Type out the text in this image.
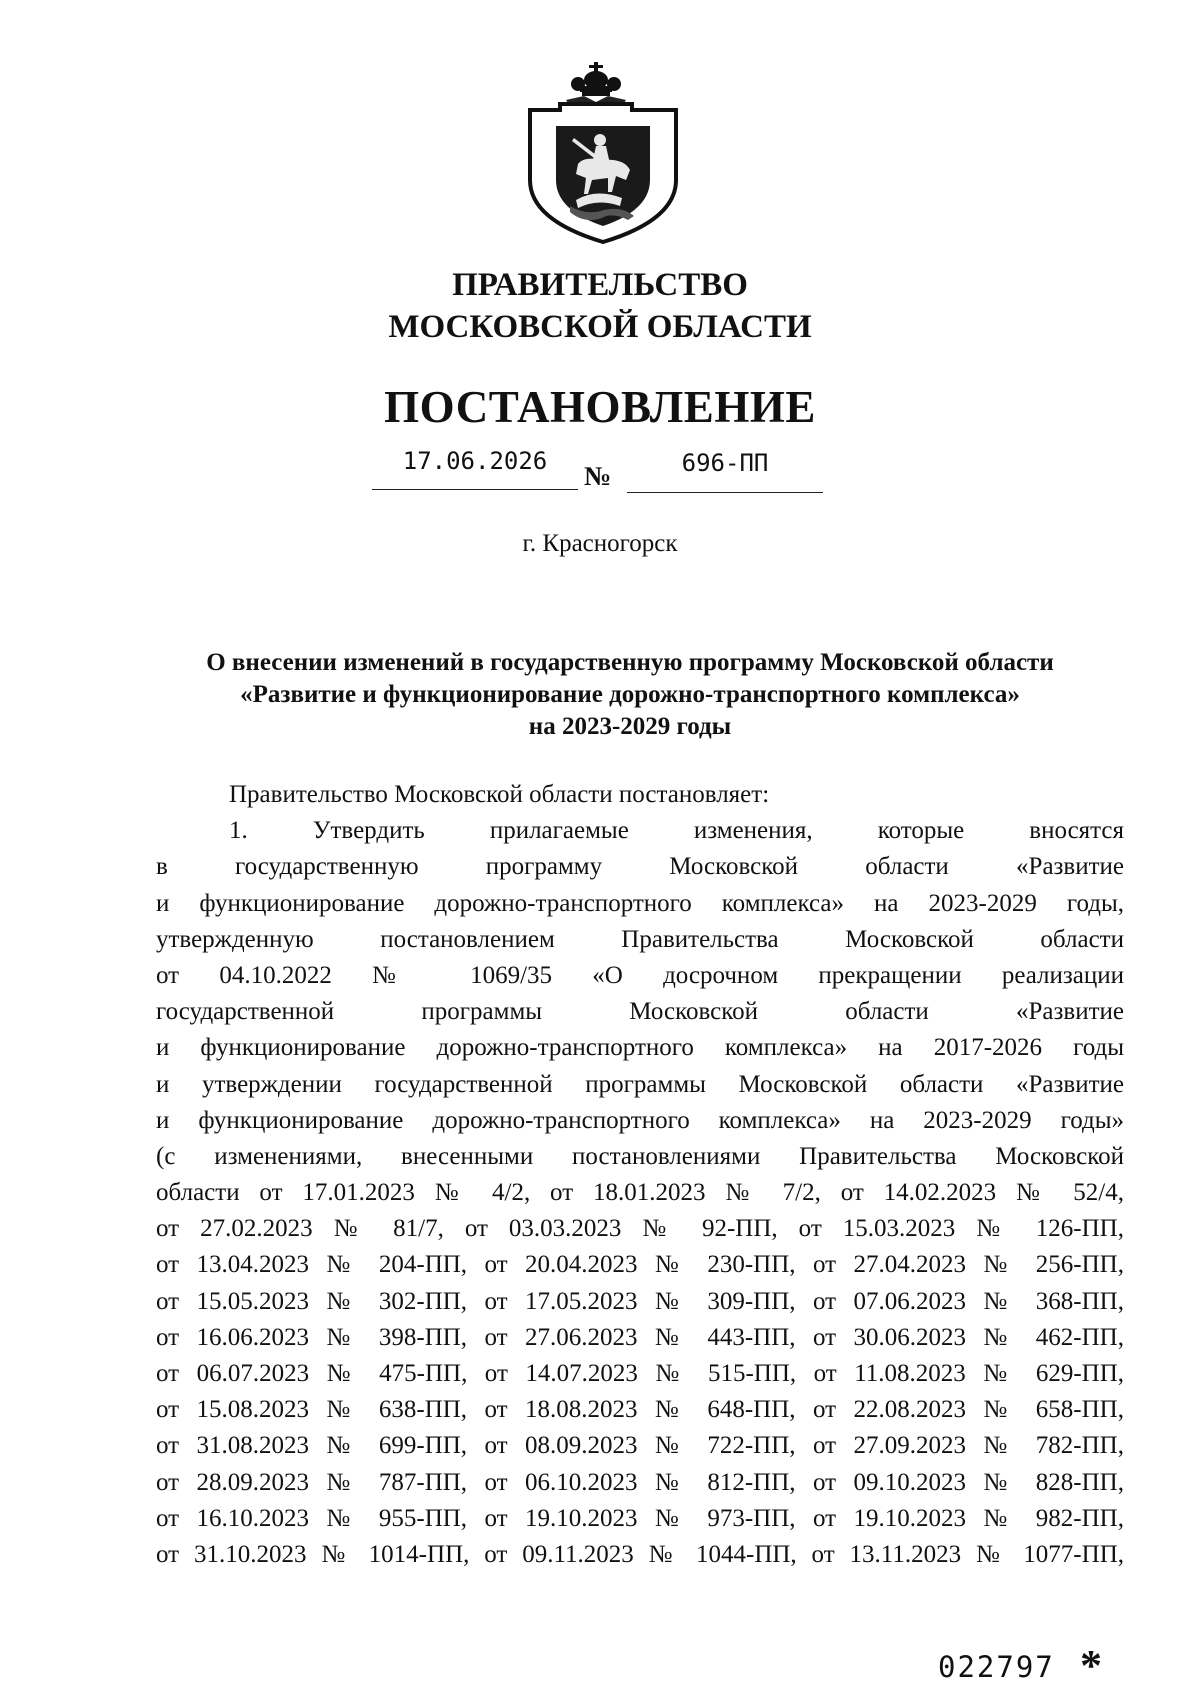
ПРАВИТЕЛЬСТВО
МОСКОВСКОЙ ОБЛАСТИ
ПОСТАНОВЛЕНИЕ
17.06.2026	№	696-ПП
г. Красногорск
О внесении изменений в государственную программу Московской области
«Развитие и функционирование дорожно-транспортного комплекса»
на 2023-2029 годы
Правительство Московской области постановляет:
1. Утвердить прилагаемые изменения, которые вносятся
в государственную программу Московской области «Развитие
и функционирование дорожно-транспортного комплекса» на 2023-2029 годы,
утвержденную постановлением Правительства Московской области
от 04.10.2022 № 1069/35 «О досрочном прекращении реализации
государственной программы Московской области «Развитие
и функционирование дорожно-транспортного комплекса» на 2017-2026 годы
и утверждении государственной программы Московской области «Развитие
и функционирование дорожно-транспортного комплекса» на 2023-2029 годы»
(с изменениями, внесенными постановлениями Правительства Московской
области от 17.01.2023 № 4/2, от 18.01.2023 № 7/2, от 14.02.2023 № 52/4,
от 27.02.2023 № 81/7, от 03.03.2023 № 92-ПП, от 15.03.2023 № 126-ПП,
от 13.04.2023 № 204-ПП, от 20.04.2023 № 230-ПП, от 27.04.2023 № 256-ПП,
от 15.05.2023 № 302-ПП, от 17.05.2023 № 309-ПП, от 07.06.2023 № 368-ПП,
от 16.06.2023 № 398-ПП, от 27.06.2023 № 443-ПП, от 30.06.2023 № 462-ПП,
от 06.07.2023 № 475-ПП, от 14.07.2023 № 515-ПП, от 11.08.2023 № 629-ПП,
от 15.08.2023 № 638-ПП, от 18.08.2023 № 648-ПП, от 22.08.2023 № 658-ПП,
от 31.08.2023 № 699-ПП, от 08.09.2023 № 722-ПП, от 27.09.2023 № 782-ПП,
от 28.09.2023 № 787-ПП, от 06.10.2023 № 812-ПП, от 09.10.2023 № 828-ПП,
от 16.10.2023 № 955-ПП, от 19.10.2023 № 973-ПП, от 19.10.2023 № 982-ПП,
от 31.10.2023 № 1014-ПП, от 09.11.2023 № 1044-ПП, от 13.11.2023 № 1077-ПП,
022797 *
